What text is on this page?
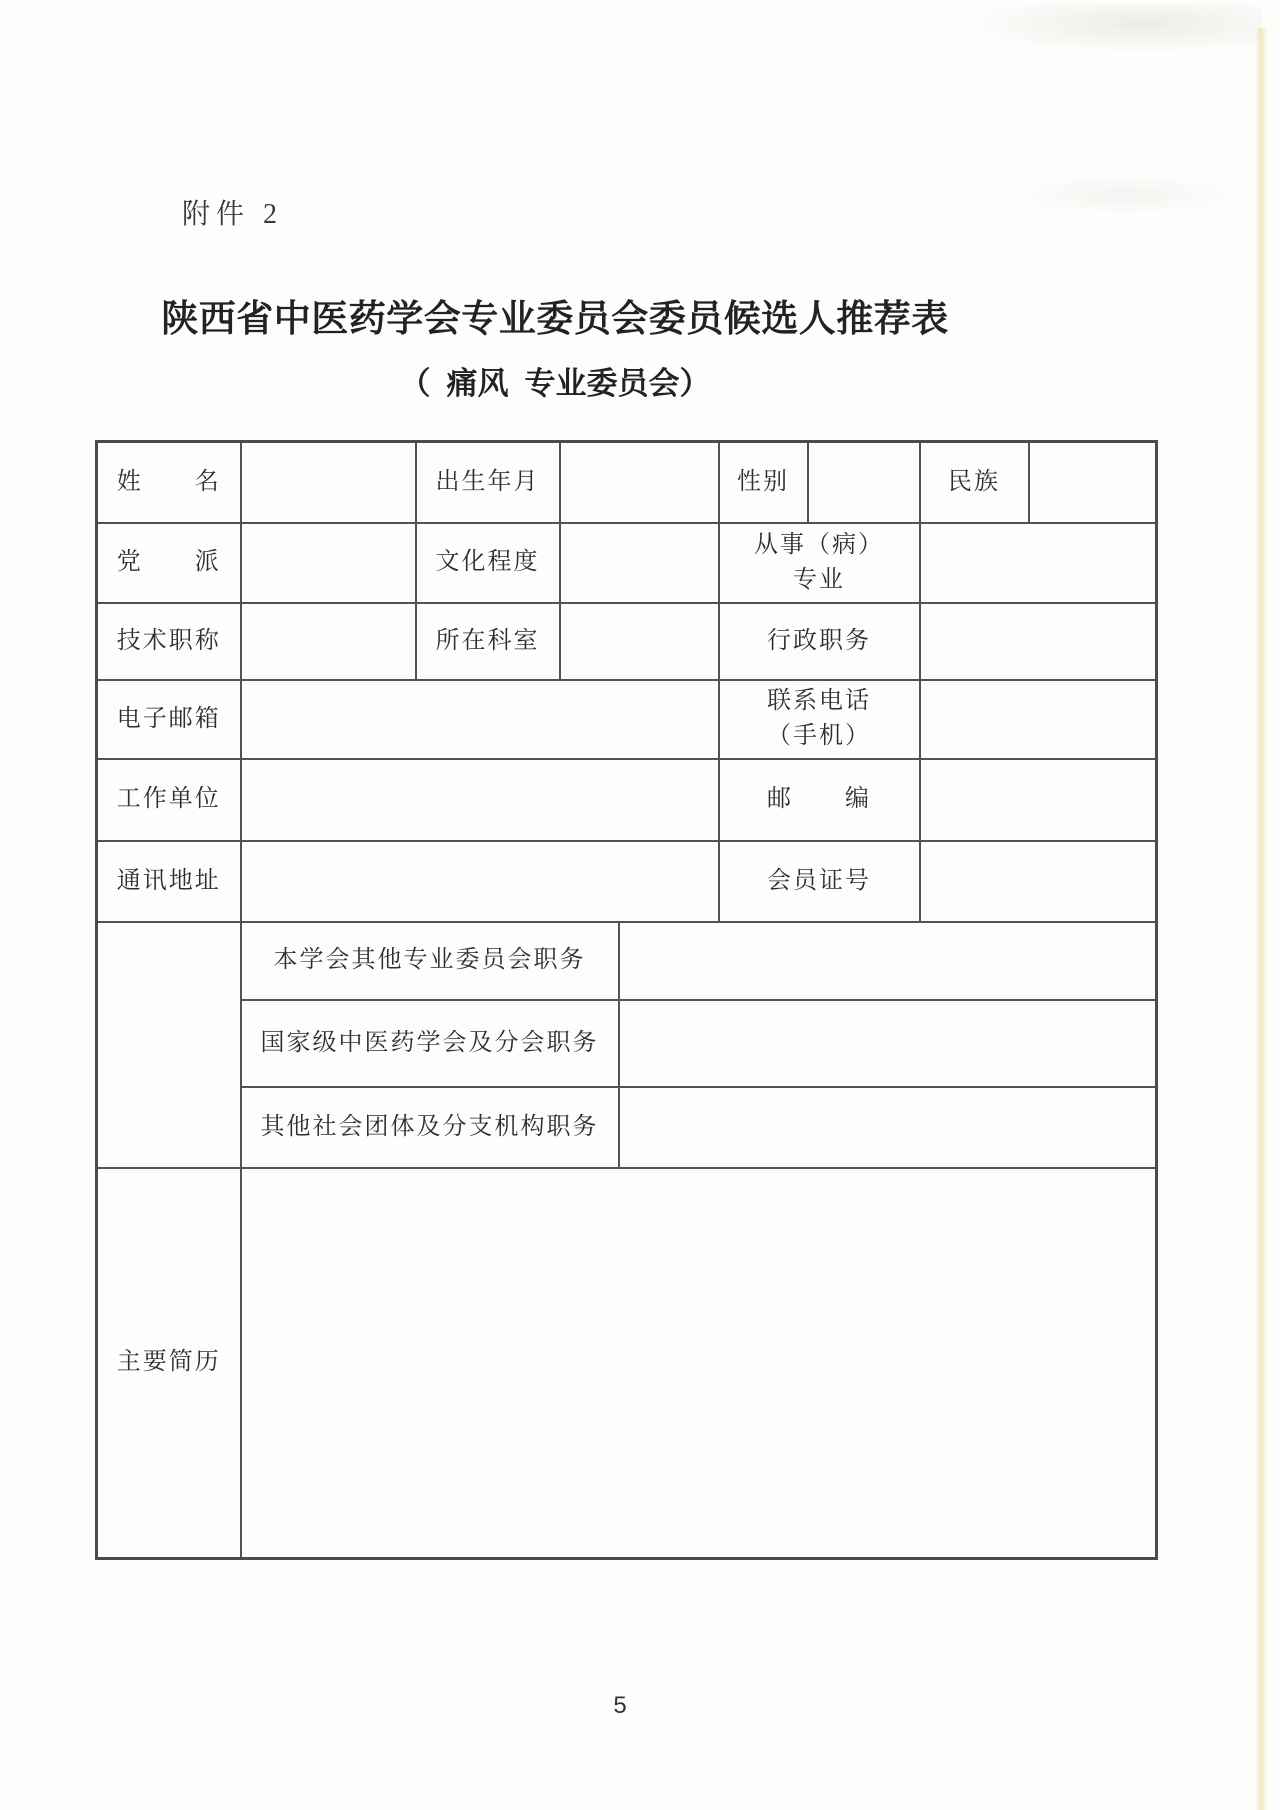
附件 2
陕西省中医药学会专业委员会委员候选人推荐表
（ 痛风 专业委员会）
姓　　名		出生年月			性别		民族	
党　　派		文化程度			从事（病）
专业			

技术职称		所在科室			行政职务			
电子邮箱					联系电话
（手机）			

工作单位					邮　　编			
通讯地址					会员证号			
	本学会其他专业委员会职务							
	国家级中医药学会及分会职务							
	其他社会团体及分支机构职务							
主要简历								
5
